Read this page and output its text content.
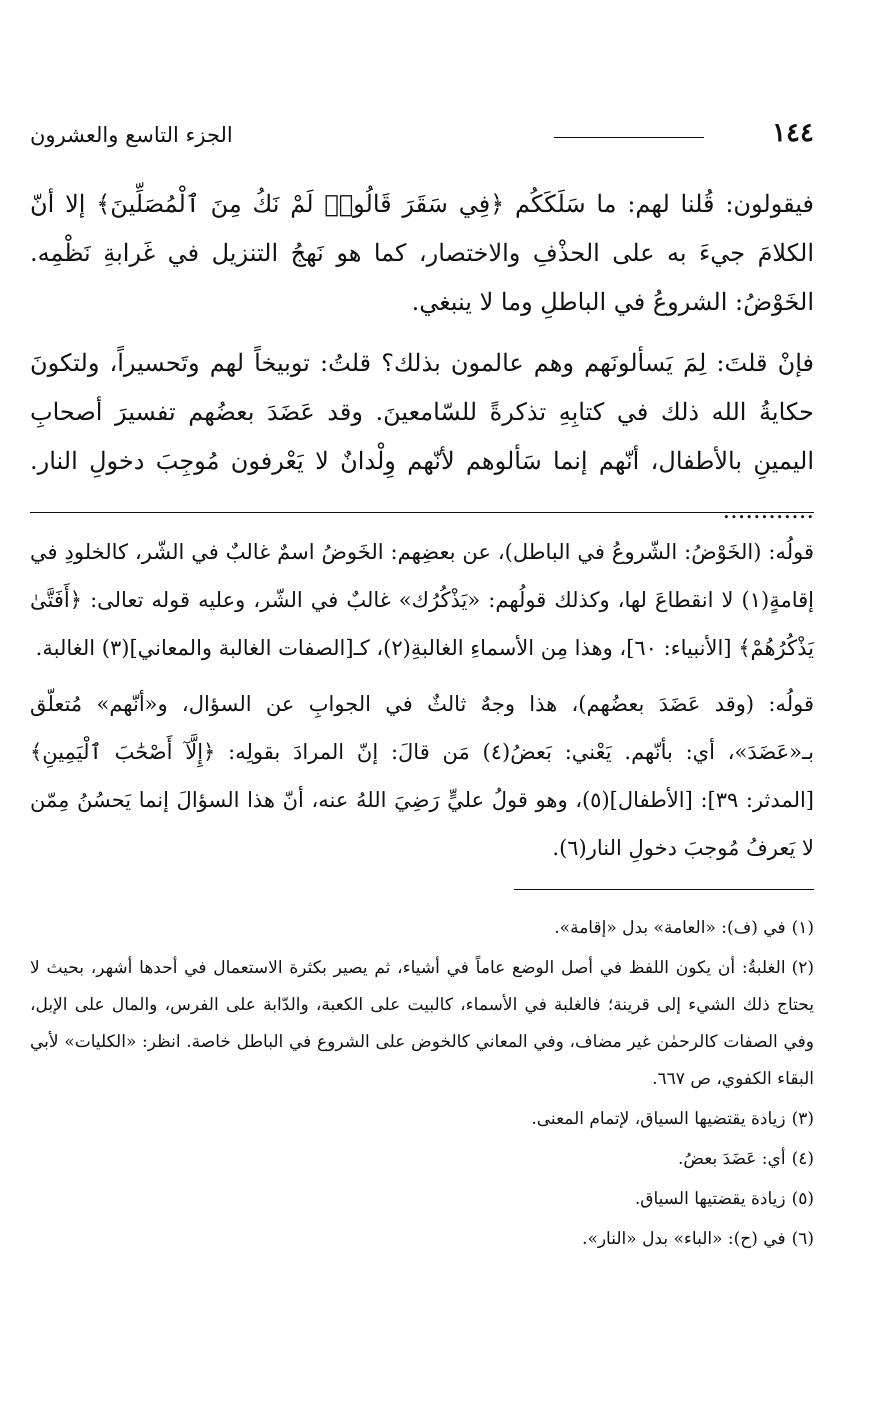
١٤٤
الجزء التاسع والعشرون

فيقولون: قُلنا لهم: ما سَلَكَكُم ﴿فِي سَقَرَ قَالُوا۟ لَمْ نَكُ مِنَ ٱلْمُصَلِّينَ﴾ إلا أنّ الكلامَ جيءَ به على الحذْفِ والاختصار، كما هو نَهجُ التنزيل في غَرابةِ نَظْمِه. الخَوْضُ: الشروعُ في الباطلِ وما لا ينبغي.

فإنْ قلتَ: لِمَ يَسألونَهم وهم عالمون بذلك؟ قلتُ: توبيخاً لهم وتَحسيراً، ولتكونَ حكايةُ الله ذلك في كتابِهِ تذكرةً للسّامعينَ. وقد عَضَدَ بعضُهم تفسيرَ أصحابِ اليمينِ بالأطفال، أنّهم إنما سَألوهم لأنّهم وِلْدانٌ لا يَعْرفون مُوجِبَ دخولِ النار. ............

قولُه: (الخَوْضُ: الشّروعُ في الباطل)، عن بعضِهم: الخَوضُ اسمٌ غالبٌ في الشّر، كالخلودِ في إقامةٍ(١) لا انقطاعَ لها، وكذلك قولُهم: «يَذْكُرُك» غالبٌ في الشّر، وعليه قوله تعالى: ﴿أَفَتَّىٰ يَذْكُرُهُمْ﴾ [الأنبياء: ٦٠]، وهذا مِن الأسماءِ الغالبةِ(٢)، كـ[الصفات الغالبة والمعاني](٣) الغالبة.

قولُه: (وقد عَضَدَ بعضُهم)، هذا وجهٌ ثالثٌ في الجوابِ عن السؤال، و«أنّهم» مُتعلّق بـ«عَضَدَ»، أي: بأنّهم. يَعْني: بَعضُ(٤) مَن قالَ: إنّ المرادَ بقولِه: ﴿إِلَّآ أَصْحَٰبَ ٱلْيَمِينِ﴾ [المدثر: ٣٩]: [الأطفال](٥)، وهو قولُ عليٍّ رَضِيَ اللهُ عنه، أنّ هذا السؤالَ إنما يَحسُنُ مِمّن لا يَعرفُ مُوجبَ دخولِ النار(٦).

(١)في (ف): «العامة» بدل «إقامة».

(٢)الغلبةُ: أن يكون اللفظ في أصل الوضع عاماً في أشياء، ثم يصير بكثرة الاستعمال في أحدها أشهر، بحيث لا يحتاج ذلك الشيء إلى قرينة؛ فالغلبة في الأسماء، كالبيت على الكعبة، والدّابة على الفرس، والمال على الإبل، وفي الصفات كالرحمٰن غير مضاف، وفي المعاني كالخوض على الشروع في الباطل خاصة. انظر: «الكليات» لأبي البقاء الكفوي، ص ٦٦٧.

(٣)زيادة يقتضيها السياق، لإتمام المعنى.

(٤)أي: عَضَدَ بعضُ.

(٥)زيادة يقضتيها السياق.

(٦)في (ح): «الباء» بدل «النار».
